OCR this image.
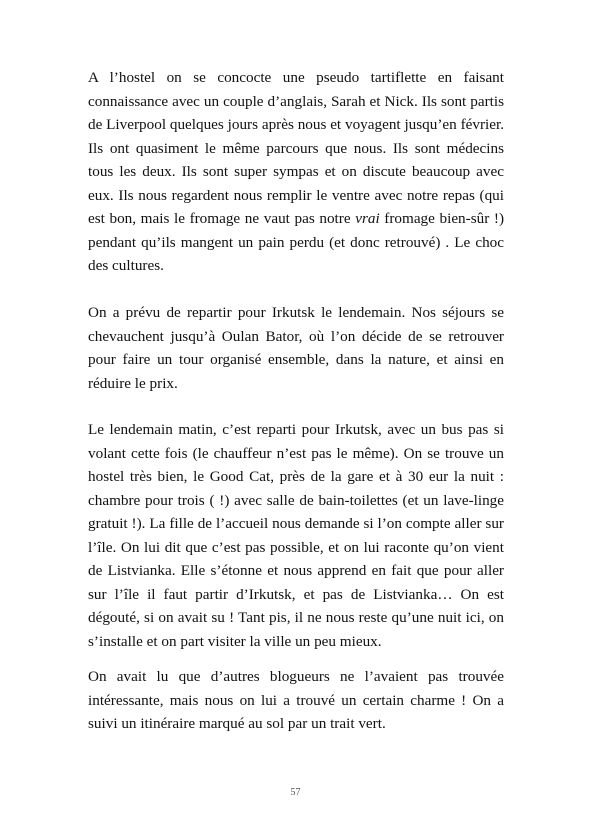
A l’hostel on se concocte une pseudo tartiflette en faisant connaissance avec un couple d’anglais, Sarah et Nick. Ils sont partis de Liverpool quelques jours après nous et voyagent jusqu’en février. Ils ont quasiment le même parcours que nous. Ils sont médecins tous les deux. Ils sont super sympas et on discute beaucoup avec eux. Ils nous regardent nous remplir le ventre avec notre repas (qui est bon, mais le fromage ne vaut pas notre vrai fromage bien-sûr !) pendant qu’ils mangent un pain perdu (et donc retrouvé) . Le choc des cultures.

On a prévu de repartir pour Irkutsk le lendemain. Nos séjours se chevauchent jusqu’à Oulan Bator, où l’on décide de se retrouver pour faire un tour organisé ensemble, dans la nature, et ainsi en réduire le prix.

Le lendemain matin, c’est reparti pour Irkutsk, avec un bus pas si volant cette fois (le chauffeur n’est pas le même). On se trouve un hostel très bien, le Good Cat, près de la gare et à 30 eur la nuit : chambre pour trois ( !) avec salle de bain-toilettes (et un lave-linge gratuit !). La fille de l’accueil nous demande si l’on compte aller sur l’île. On lui dit que c’est pas possible, et on lui raconte qu’on vient de Listvianka. Elle s’étonne et nous apprend en fait que pour aller sur l’île il faut partir d’Irkutsk, et pas de Listvianka… On est dégouté, si on avait su ! Tant pis, il ne nous reste qu’une nuit ici, on s’installe et on part visiter la ville un peu mieux.

On avait lu que d’autres blogueurs ne l’avaient pas trouvée intéressante, mais nous on lui a trouvé un certain charme ! On a suivi un itinéraire marqué au sol par un trait vert.

57
